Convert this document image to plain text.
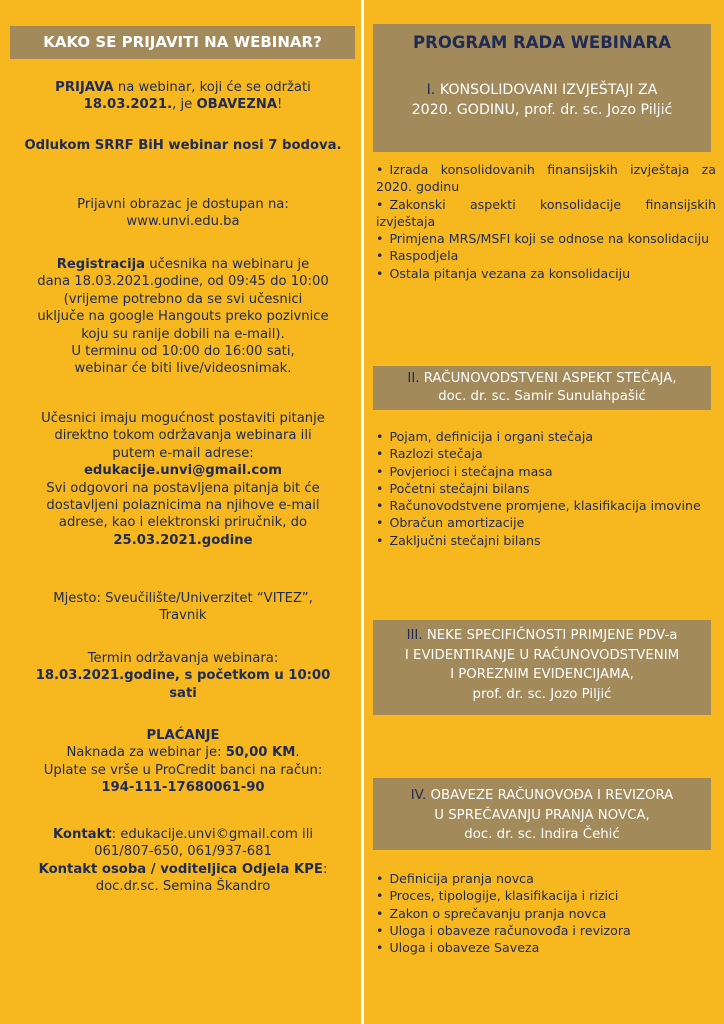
KAKO SE PRIJAVITI NA WEBINAR?
PRIJAVA na webinar, koji će se održati
18.03.2021., je OBAVEZNA!
Odlukom SRRF BiH webinar nosi 7 bodova.
Prijavni obrazac je dostupan na:
www.unvi.edu.ba
Registracija učesnika na webinaru je
dana 18.03.2021.godine, od 09:45 do 10:00
(vrijeme potrebno da se svi učesnici
uključe na google Hangouts preko pozivnice
koju su ranije dobili na e-mail).
U terminu od 10:00 do 16:00 sati,
webinar će biti live/videosnimak.
Učesnici imaju mogućnost postaviti pitanje
direktno tokom održavanja webinara ili
putem e-mail adrese:
edukacije.unvi@gmail.com
Svi odgovori na postavljena pitanja bit će
dostavljeni polaznicima na njihove e-mail
adrese, kao i elektronski priručnik, do
25.03.2021.godine
Mjesto: Sveučilište/Univerzitet “VITEZ”,
Travnik
Termin održavanja webinara:
18.03.2021.godine, s početkom u 10:00
sati
PLAĆANJE
Naknada za webinar je: 50,00 KM.
Uplate se vrše u ProCredit banci na račun:
194-111-17680061-90
Kontakt: edukacije.unvi©gmail.com ili
061/807-650, 061/937-681
Kontakt osoba / voditeljica Odjela KPE:
doc.dr.sc. Semina Škandro
PROGRAM RADA WEBINARA
I. KONSOLIDOVANI IZVJEŠTAJI ZA
2020. GODINU, prof. dr. sc. Jozo Piljić
• Izrada konsolidovanih finansijskih izvještaja za 2020. godinu
• Zakonski aspekti konsolidacije finansijskih izvještaja
• Primjena MRS/MSFI koji se odnose na konsolidaciju
• Raspodjela
• Ostala pitanja vezana za konsolidaciju
II. RAČUNOVODSTVENI ASPEKT STEČAJA,
doc. dr. sc. Samir Sunulahpašić
• Pojam, definicija i organi stečaja
• Razlozi stečaja
• Povjerioci i stečajna masa
• Početni stečajni bilans
• Računovodstvene promjene, klasifikacija imovine
• Obračun amortizacije
• Zaključni stečajni bilans
III. NEKE SPECIFIČNOSTI PRIMJENE PDV-a
I EVIDENTIRANJE U RAČUNOVODSTVENIM
I POREZNIM EVIDENCIJAMA,
prof. dr. sc. Jozo Piljić
IV. OBAVEZE RAČUNOVOĐA I REVIZORA
U SPREČAVANJU PRANJA NOVCA,
doc. dr. sc. Indira Čehić
• Definicija pranja novca
• Proces, tipologije, klasifikacija i rizici
• Zakon o sprečavanju pranja novca
• Uloga i obaveze računovođa i revizora
• Uloga i obaveze Saveza
